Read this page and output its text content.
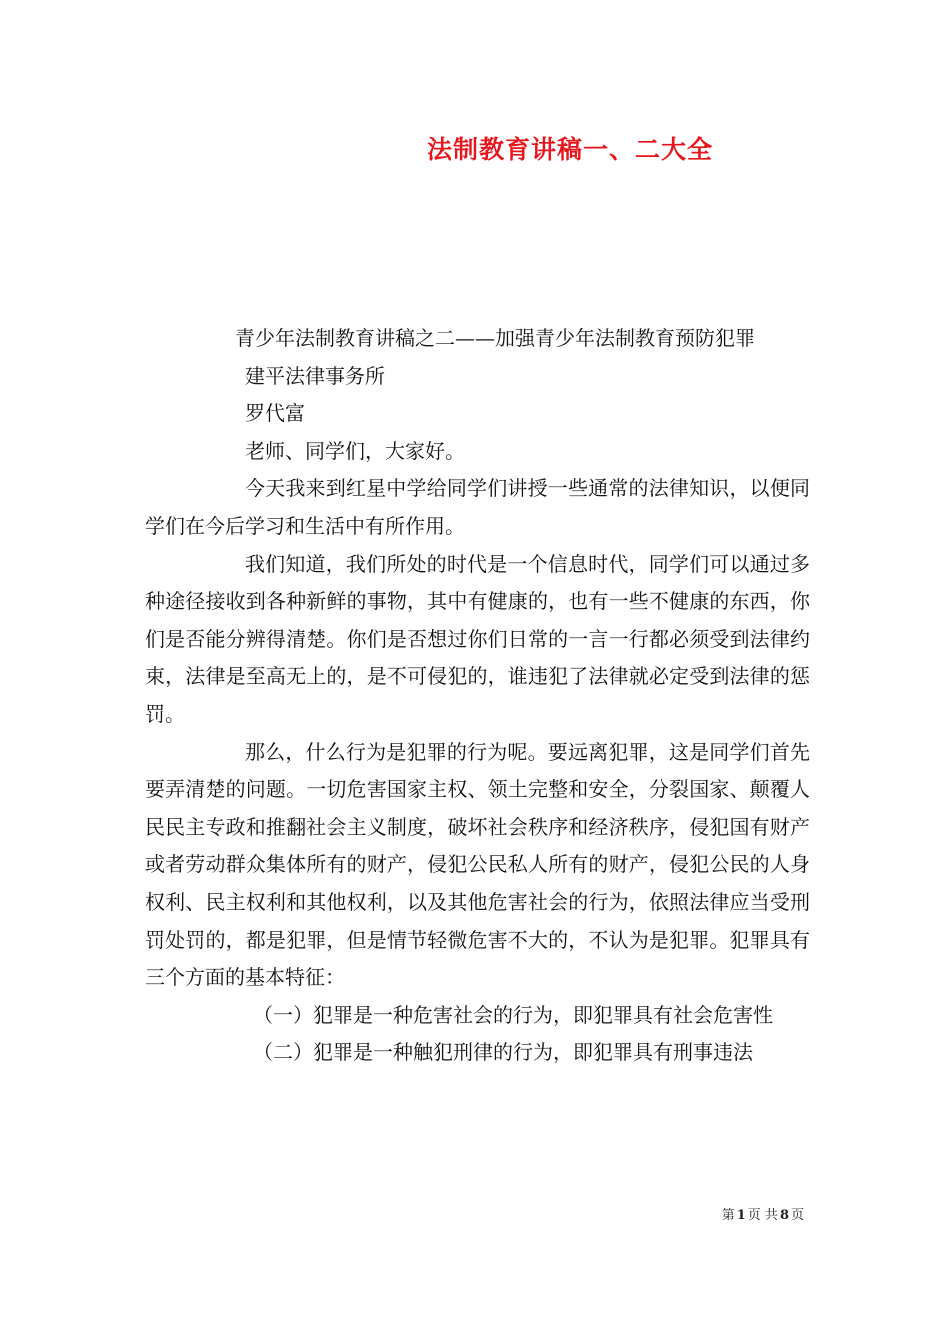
法制教育讲稿一、二大全

青少年法制教育讲稿之二——加强青少年法制教育预防犯罪

建平法律事务所

罗代富

老师、同学们，大家好。

今天我来到红星中学给同学们讲授一些通常的法律知识，以便同学们在今后学习和生活中有所作用。

我们知道，我们所处的时代是一个信息时代，同学们可以通过多种途径接收到各种新鲜的事物，其中有健康的，也有一些不健康的东西，你们是否能分辨得清楚。你们是否想过你们日常的一言一行都必须受到法律约束，法律是至高无上的，是不可侵犯的，谁违犯了法律就必定受到法律的惩罚。

那么，什么行为是犯罪的行为呢。要远离犯罪，这是同学们首先要弄清楚的问题。一切危害国家主权、领土完整和安全，分裂国家、颠覆人民民主专政和推翻社会主义制度，破坏社会秩序和经济秩序，侵犯国有财产或者劳动群众集体所有的财产，侵犯公民私人所有的财产，侵犯公民的人身权利、民主权利和其他权利，以及其他危害社会的行为，依照法律应当受刑罚处罚的，都是犯罪，但是情节轻微危害不大的，不认为是犯罪。犯罪具有三个方面的基本特征：

（一）犯罪是一种危害社会的行为，即犯罪具有社会危害性

（二）犯罪是一种触犯刑律的行为，即犯罪具有刑事违法

第 1 页 共 8 页
